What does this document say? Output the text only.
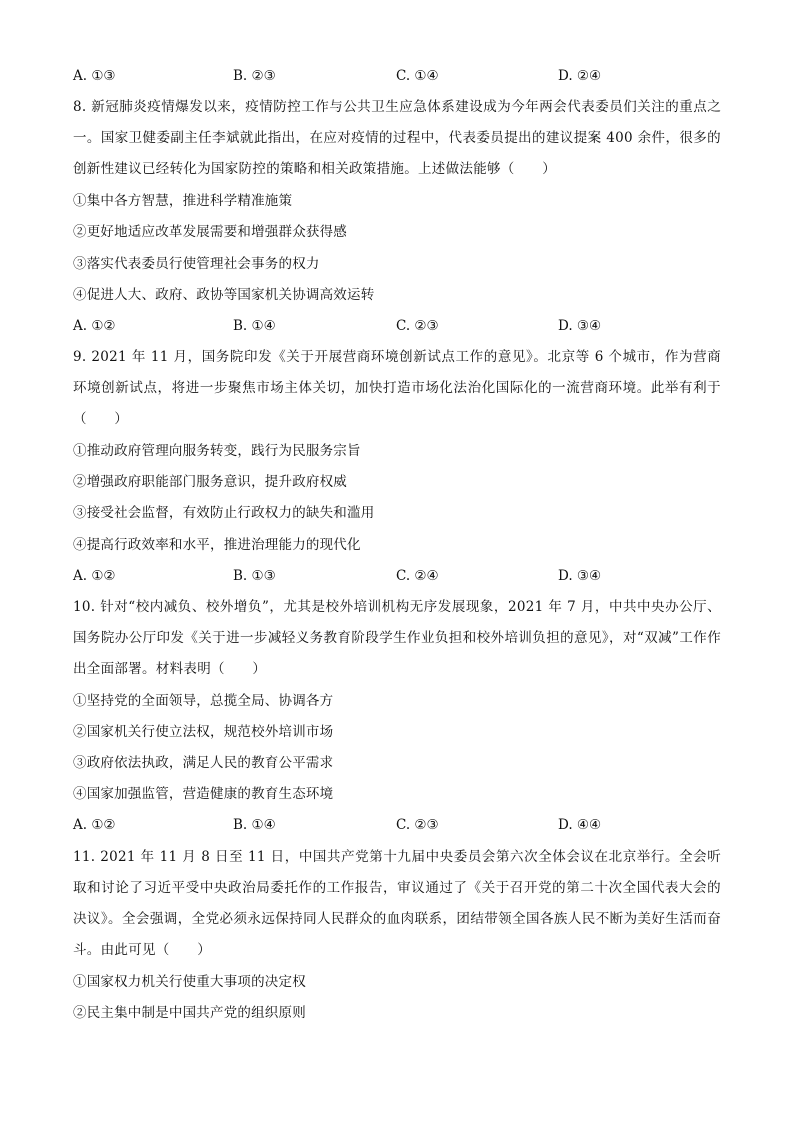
A. ①③	B. ②③	C. ①④	D. ②④
8. 新冠肺炎疫情爆发以来，疫情防控工作与公共卫生应急体系建设成为今年两会代表委员们关注的重点之一。国家卫健委副主任李斌就此指出，在应对疫情的过程中，代表委员提出的建议提案 400 余件，很多的创新性建议已经转化为国家防控的策略和相关政策措施。上述做法能够（　　）
①集中各方智慧，推进科学精准施策
②更好地适应改革发展需要和增强群众获得感
③落实代表委员行使管理社会事务的权力
④促进人大、政府、政协等国家机关协调高效运转
A. ①②	B. ①④	C. ②③	D. ③④
9. 2021 年 11 月，国务院印发《关于开展营商环境创新试点工作的意见》。北京等 6 个城市，作为营商环境创新试点，将进一步聚焦市场主体关切，加快打造市场化法治化国际化的一流营商环境。此举有利于（　　）
①推动政府管理向服务转变，践行为民服务宗旨
②增强政府职能部门服务意识，提升政府权威
③接受社会监督，有效防止行政权力的缺失和滥用
④提高行政效率和水平，推进治理能力的现代化
A. ①②	B. ①③	C. ②④	D. ③④
10. 针对“校内减负、校外增负”，尤其是校外培训机构无序发展现象，2021 年 7 月，中共中央办公厅、国务院办公厅印发《关于进一步减轻义务教育阶段学生作业负担和校外培训负担的意见》，对“双减”工作作出全面部署。材料表明（　　）
①坚持党的全面领导，总揽全局、协调各方
②国家机关行使立法权，规范校外培训市场
③政府依法执政，满足人民的教育公平需求
④国家加强监管，营造健康的教育生态环境
A. ①②	B. ①④	C. ②③	D. ④④
11. 2021 年 11 月 8 日至 11 日，中国共产党第十九届中央委员会第六次全体会议在北京举行。全会听取和讨论了习近平受中央政治局委托作的工作报告，审议通过了《关于召开党的第二十次全国代表大会的决议》。全会强调，全党必须永远保持同人民群众的血肉联系，团结带领全国各族人民不断为美好生活而奋斗。由此可见（　　）
①国家权力机关行使重大事项的决定权
②民主集中制是中国共产党的组织原则
